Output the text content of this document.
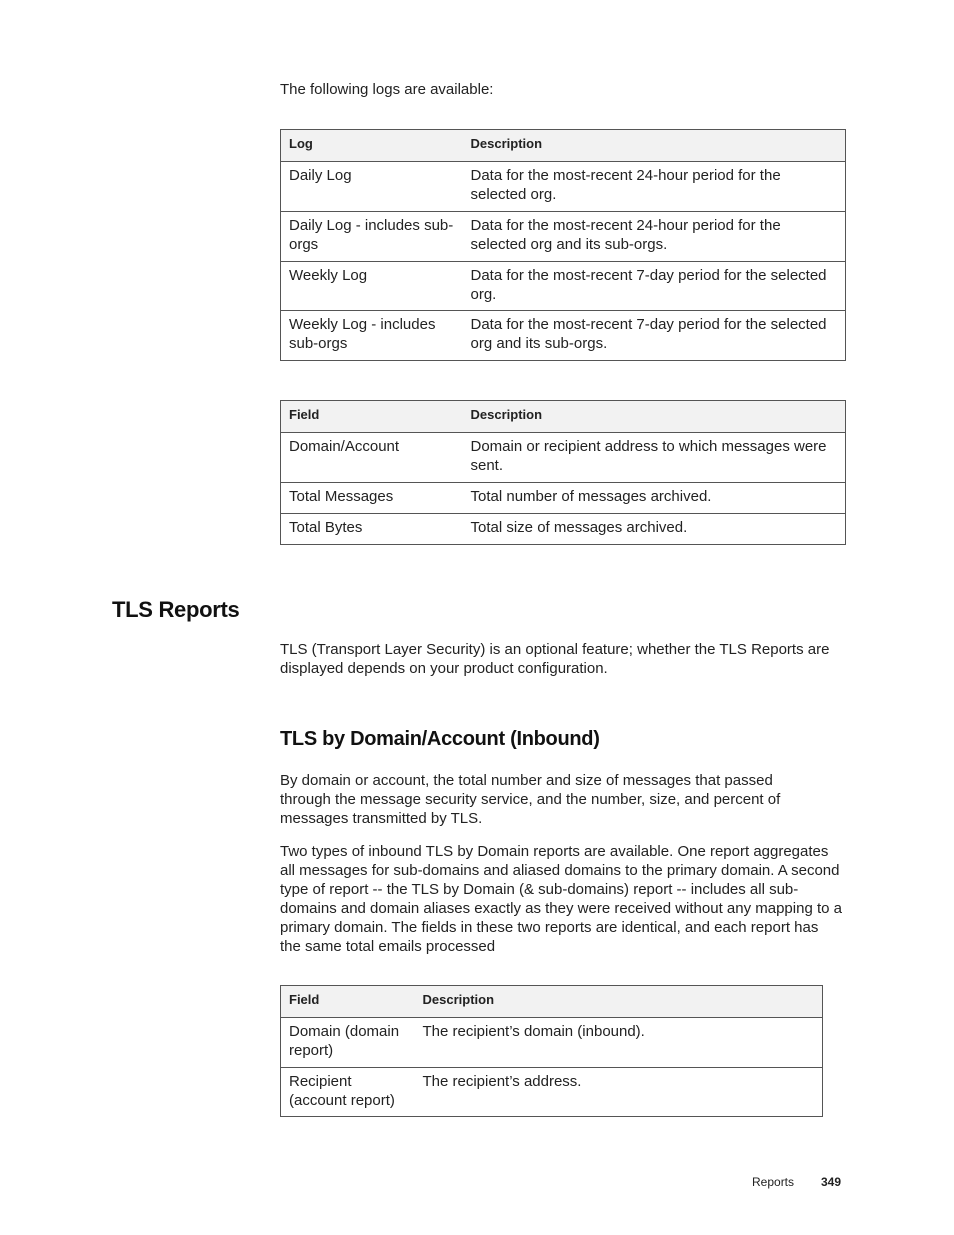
The following logs are available:

Log	Description
Daily Log	Data for the most-recent 24-hour period for the selected org.
Daily Log - includes sub-orgs	Data for the most-recent 24-hour period for the selected org and its sub-orgs.
Weekly Log	Data for the most-recent 7-day period for the selected org.
Weekly Log - includes sub-orgs	Data for the most-recent 7-day period for the selected org and its sub-orgs.
Field	Description
Domain/Account	Domain or recipient address to which messages were sent.
Total Messages	Total number of messages archived.
Total Bytes	Total size of messages archived.
TLS Reports

TLS (Transport Layer Security) is an optional feature; whether the TLS Reports are displayed depends on your product configuration.

TLS by Domain/Account (Inbound)

By domain or account, the total number and size of messages that passed through the message security service, and the number, size, and percent of messages transmitted by TLS.

Two types of inbound TLS by Domain reports are available. One report aggregates all messages for sub-domains and aliased domains to the primary domain. A second type of report -- the TLS by Domain (& sub-domains) report -- includes all sub-domains and domain aliases exactly as they were received without any mapping to a primary domain. The fields in these two reports are identical, and each report has the same total emails processed

Field	Description
Domain (domain report)	The recipient’s domain (inbound).
Recipient (account report)	The recipient’s address.
Reports 349
